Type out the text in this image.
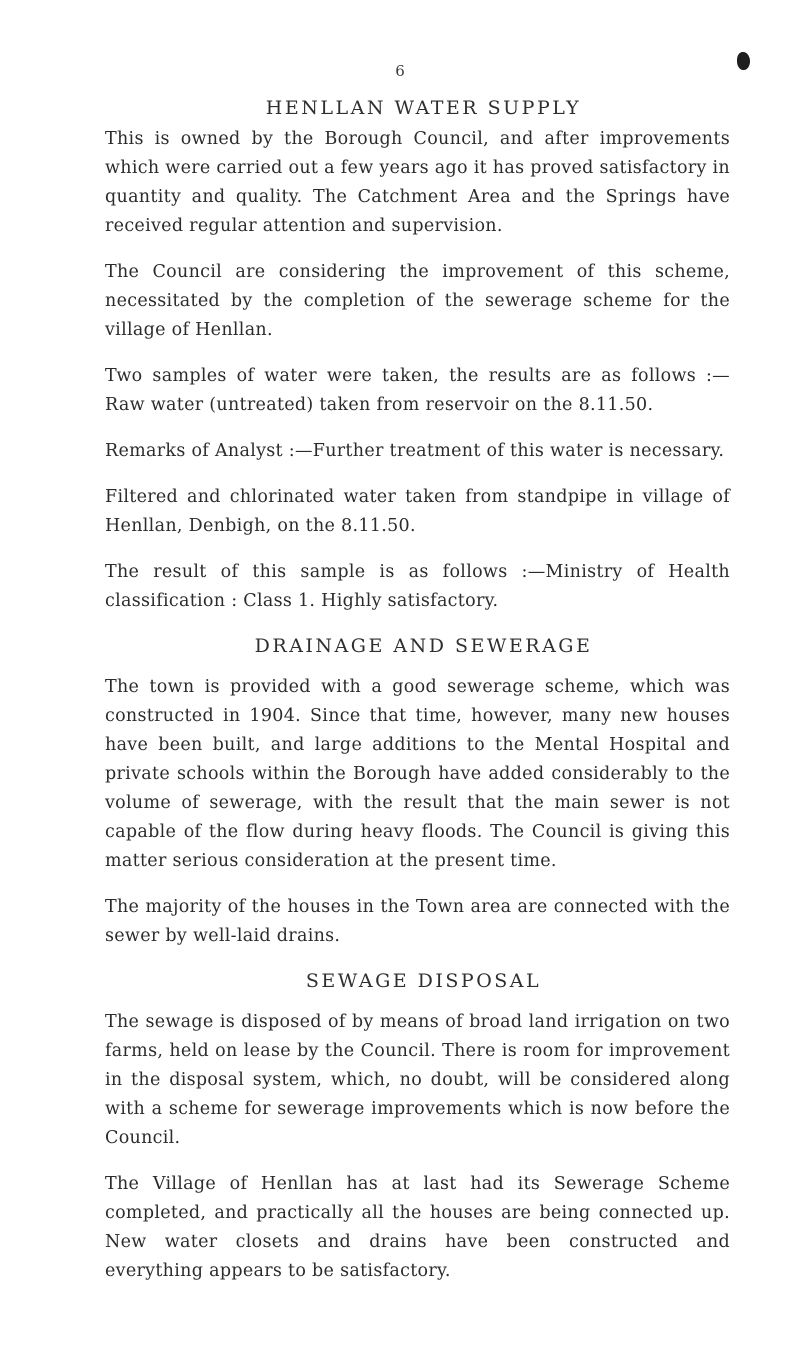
6
HENLLAN WATER SUPPLY

This is owned by the Borough Council, and after improvements which were carried out a few years ago it has proved satisfactory in quantity and quality. The Catchment Area and the Springs have received regular attention and supervision.

The Council are considering the improvement of this scheme, necessitated by the completion of the sewerage scheme for the village of Henllan.

Two samples of water were taken, the results are as follows :— Raw water (untreated) taken from reservoir on the 8.11.50.

Remarks of Analyst :—Further treatment of this water is necessary.

Filtered and chlorinated water taken from standpipe in village of Henllan, Denbigh, on the 8.11.50.

The result of this sample is as follows :—Ministry of Health classification : Class 1. Highly satisfactory.

DRAINAGE AND SEWERAGE

The town is provided with a good sewerage scheme, which was constructed in 1904. Since that time, however, many new houses have been built, and large additions to the Mental Hospital and private schools within the Borough have added considerably to the volume of sewerage, with the result that the main sewer is not capable of the flow during heavy floods. The Council is giving this matter serious consideration at the present time.

The majority of the houses in the Town area are connected with the sewer by well-laid drains.

SEWAGE DISPOSAL

The sewage is disposed of by means of broad land irrigation on two farms, held on lease by the Council. There is room for improvement in the disposal system, which, no doubt, will be considered along with a scheme for sewerage improvements which is now before the Council.

The Village of Henllan has at last had its Sewerage Scheme completed, and practically all the houses are being connected up. New water closets and drains have been constructed and everything appears to be satisfactory.
